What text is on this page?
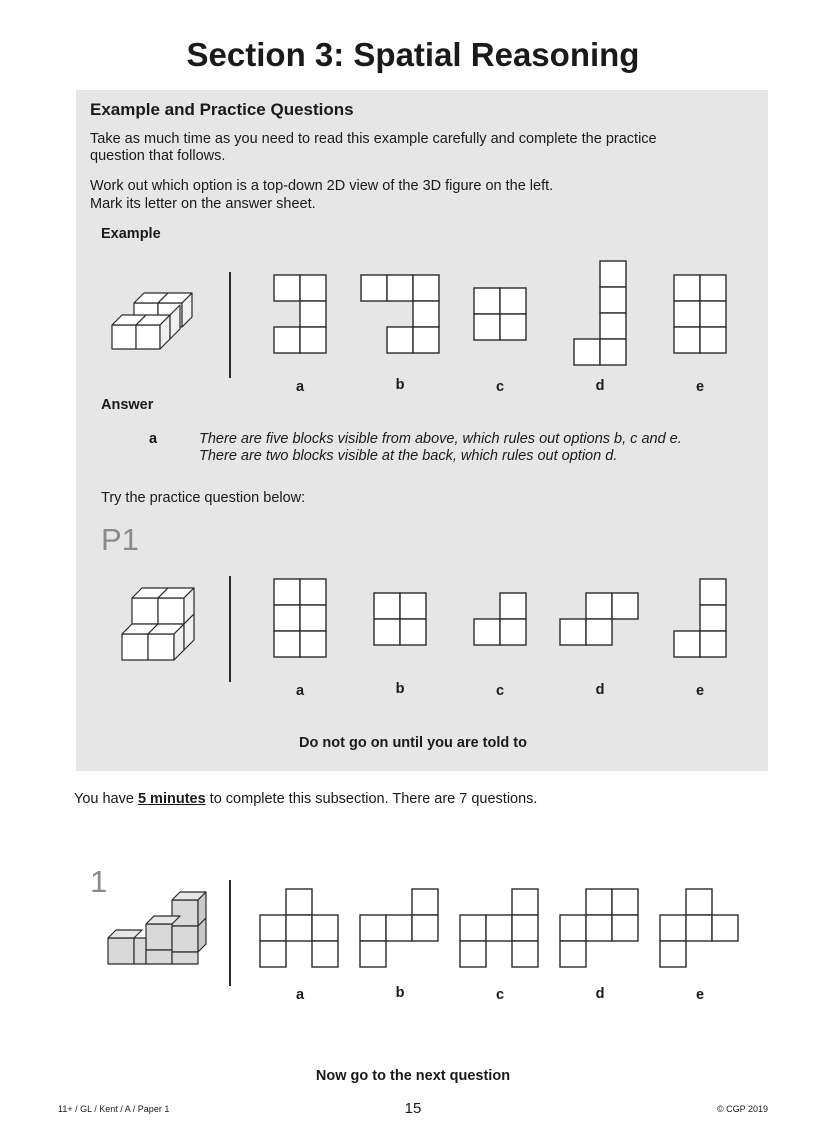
Section 3: Spatial Reasoning
Example and Practice Questions
Take as much time as you need to read this example carefully and complete the practice question that follows.
Work out which option is a top-down 2D view of the 3D figure on the left.
Mark its letter on the answer sheet.
Example
a	b	c	d	e
Answer
a	There are five blocks visible from above, which rules out options b, c and e.
There are two blocks visible at the back, which rules out option d.
Try the practice question below:
P1
a	b	c	d	e
Do not go on until you are told to
You have 5 minutes to complete this subsection. There are 7 questions.
1
a	b	c	d	e
Now go to the next question
11+ / GL / Kent / A / Paper 1	15	© CGP 2019
